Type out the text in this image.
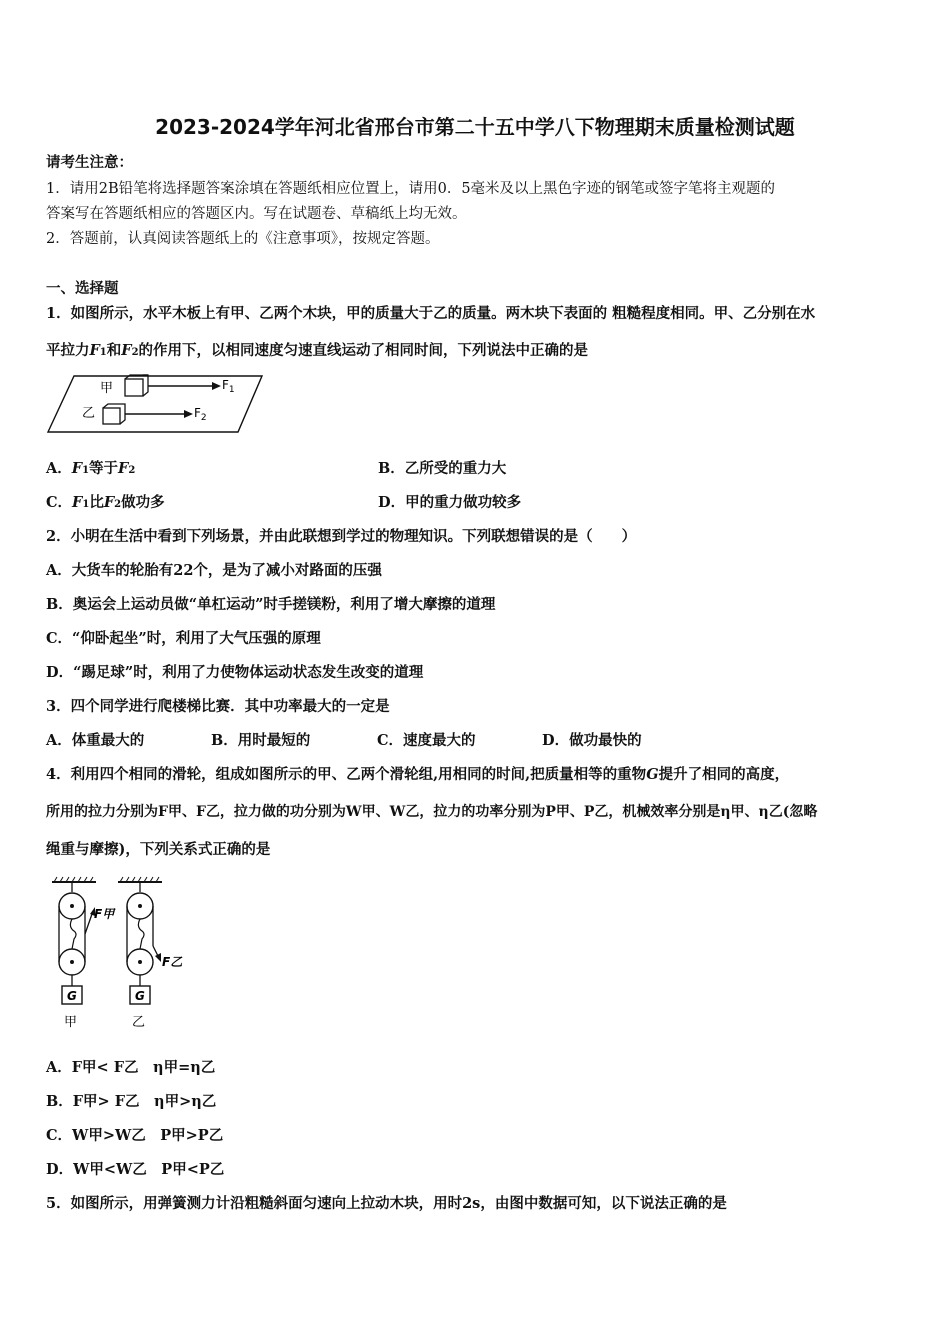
2023-2024学年河北省邢台市第二十五中学八下物理期末质量检测试题
请考生注意：
1．请用2B铅笔将选择题答案涂填在答题纸相应位置上，请用0．5毫米及以上黑色字迹的钢笔或签字笔将主观题的
答案写在答题纸相应的答题区内。写在试题卷、草稿纸上均无效。
2．答题前，认真阅读答题纸上的《注意事项》，按规定答题。
一、选择题
1．如图所示，水平木板上有甲、乙两个木块，甲的质量大于乙的质量。两木块下表面的 粗糙程度相同。甲、乙分别在水
平拉力F1和F2的作用下，以相同速度匀速直线运动了相同时间，下列说法中正确的是
甲	$F_1$
乙	$F_2$
A．F1等于F2	B．乙所受的重力大
C．F1比F2做功多	D．甲的重力做功较多
2．小明在生活中看到下列场景，并由此联想到学过的物理知识。下列联想错误的是（　　）
A．大货车的轮胎有22个，是为了减小对路面的压强
B．奥运会上运动员做“单杠运动”时手搓镁粉，利用了增大摩擦的道理
C．“仰卧起坐”时，利用了大气压强的原理
D．“踢足球”时，利用了力使物体运动状态发生改变的道理
3．四个同学进行爬楼梯比赛．其中功率最大的一定是
A．体重最大的	B．用时最短的	C．速度最大的	D．做功最快的
4．利用四个相同的滑轮，组成如图所示的甲、乙两个滑轮组,用相同的时间,把质量相等的重物G提升了相同的高度，
所用的拉力分别为F甲、F乙，拉力做的功分别为W甲、W乙，拉力的功率分别为P甲、P乙，机械效率分别是η甲、η乙(忽略
绳重与摩擦)，下列关系式正确的是
F甲
G
甲
F乙
G
乙
A．F甲< F乙　η甲=η乙
B．F甲> F乙　η甲>η乙
C．W甲>W乙　P甲>P乙
D．W甲<W乙　P甲<P乙
5．如图所示，用弹簧测力计沿粗糙斜面匀速向上拉动木块，用时2s，由图中数据可知，以下说法正确的是
